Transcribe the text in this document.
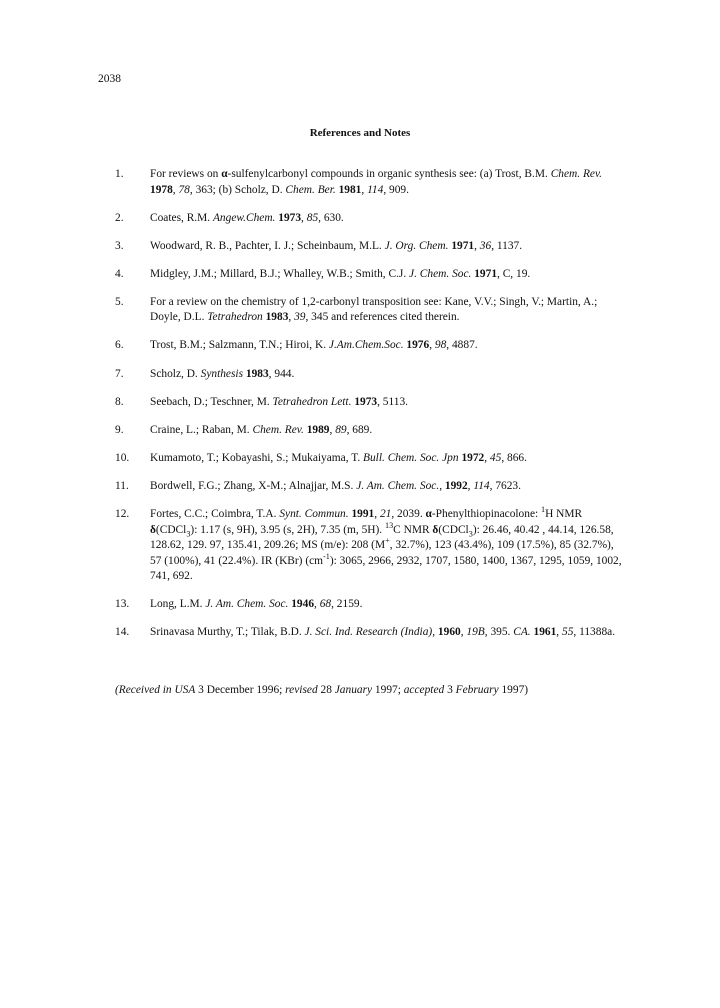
2038
References and Notes
1. For reviews on α-sulfenylcarbonyl compounds in organic synthesis see: (a) Trost, B.M. Chem. Rev. 1978, 78, 363; (b) Scholz, D. Chem. Ber. 1981, 114, 909.
2. Coates, R.M. Angew.Chem. 1973, 85, 630.
3. Woodward, R. B., Pachter, I. J.; Scheinbaum, M.L. J. Org. Chem. 1971, 36, 1137.
4. Midgley, J.M.; Millard, B.J.; Whalley, W.B.; Smith, C.J. J. Chem. Soc. 1971, C, 19.
5. For a review on the chemistry of 1,2-carbonyl transposition see: Kane, V.V.; Singh, V.; Martin, A.; Doyle, D.L. Tetrahedron 1983, 39, 345 and references cited therein.
6. Trost, B.M.; Salzmann, T.N.; Hiroi, K. J.Am.Chem.Soc. 1976, 98, 4887.
7. Scholz, D. Synthesis 1983, 944.
8. Seebach, D.; Teschner, M. Tetrahedron Lett. 1973, 5113.
9. Craine, L.; Raban, M. Chem. Rev. 1989, 89, 689.
10. Kumamoto, T.; Kobayashi, S.; Mukaiyama, T. Bull. Chem. Soc. Jpn 1972, 45, 866.
11. Bordwell, F.G.; Zhang, X-M.; Alnajjar, M.S. J. Am. Chem. Soc., 1992, 114, 7623.
12. Fortes, C.C.; Coimbra, T.A. Synt. Commun. 1991, 21, 2039. α-Phenylthiopinacolone: $^1$H NMR δ(CDCl$_3$): 1.17 (s, 9H), 3.95 (s, 2H), 7.35 (m, 5H). $^{13}$C NMR δ(CDCl$_3$): 26.46, 40.42 , 44.14, 126.58, 128.62, 129. 97, 135.41, 209.26; MS (m/e): 208 (M+, 32.7%), 123 (43.4%), 109 (17.5%), 85 (32.7%), 57 (100%), 41 (22.4%). IR (KBr) $(cm^{-1})$: 3065, 2966, 2932, 1707, 1580, 1400, 1367, 1295, 1059, 1002, 741, 692.
13. Long, L.M. J. Am. Chem. Soc. 1946, 68, 2159.
14. Srinavasa Murthy, T.; Tilak, B.D. J. Sci. Ind. Research (India), 1960, 19B, 395. CA. 1961, 55, 11388a.
(Received in USA 3 December 1996; revised 28 January 1997; accepted 3 February 1997)
